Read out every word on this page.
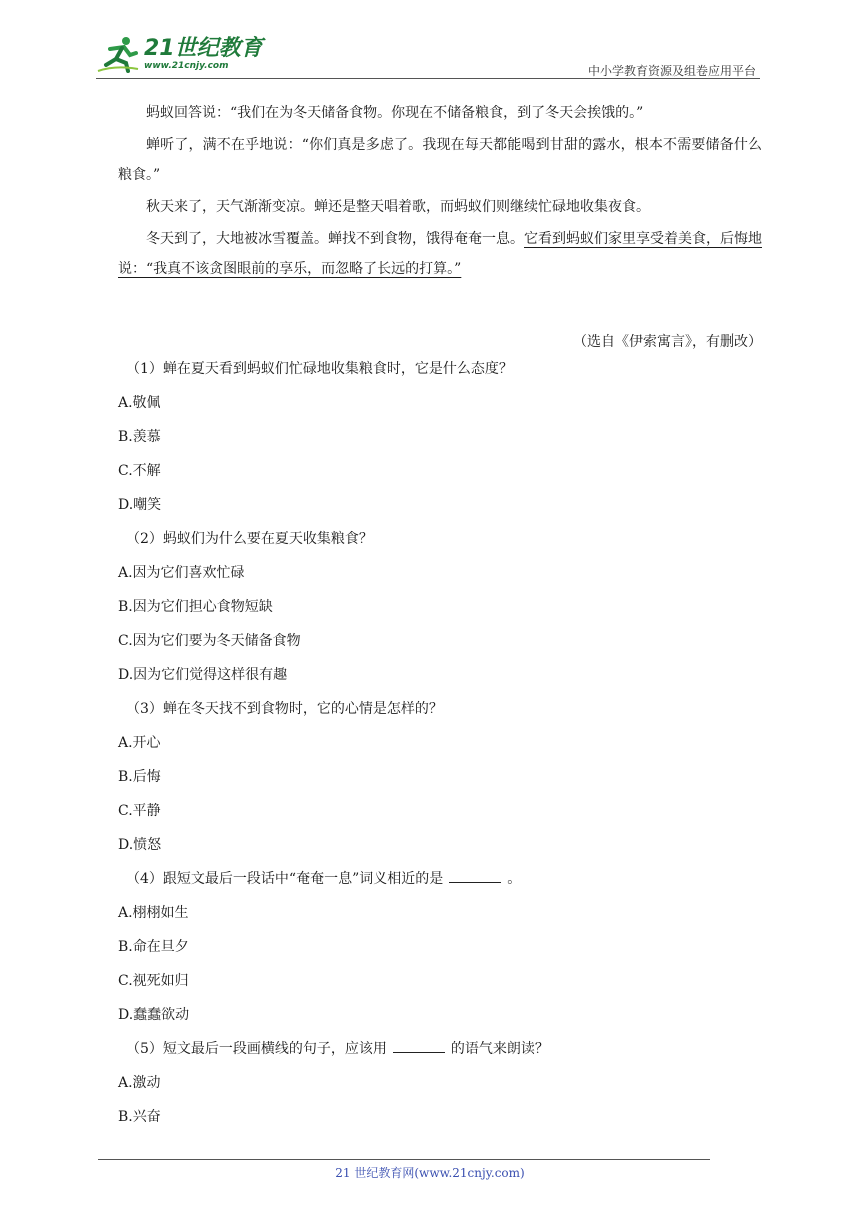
21世纪教育
www.21cnjy.com	中小学教育资源及组卷应用平台

蚂蚁回答说：“我们在为冬天储备食物。你现在不储备粮食，到了冬天会挨饿的。”

蝉听了，满不在乎地说：“你们真是多虑了。我现在每天都能喝到甘甜的露水，根本不需要储备什么粮食。”

秋天来了，天气渐渐变凉。蝉还是整天唱着歌，而蚂蚁们则继续忙碌地收集夜食。

冬天到了，大地被冰雪覆盖。蝉找不到食物，饿得奄奄一息。它看到蚂蚁们家里享受着美食，后悔地说：“我真不该贪图眼前的享乐，而忽略了长远的打算。”

（选自《伊索寓言》，有删改）

（1）蝉在夏天看到蚂蚁们忙碌地收集粮食时，它是什么态度？

A.敬佩

B.羡慕

C.不解

D.嘲笑

（2）蚂蚁们为什么要在夏天收集粮食？

A.因为它们喜欢忙碌

B.因为它们担心食物短缺

C.因为它们要为冬天储备食物

D.因为它们觉得这样很有趣

（3）蝉在冬天找不到食物时，它的心情是怎样的？

A.开心

B.后悔

C.平静

D.愤怒

（4）跟短文最后一段话中“奄奄一息”词义相近的是	。

A.栩栩如生

B.命在旦夕

C.视死如归

D.蠢蠢欲动

（5）短文最后一段画横线的句子，应该用	的语气来朗读？

A.激动

B.兴奋

21 世纪教育网(www.21cnjy.com)
